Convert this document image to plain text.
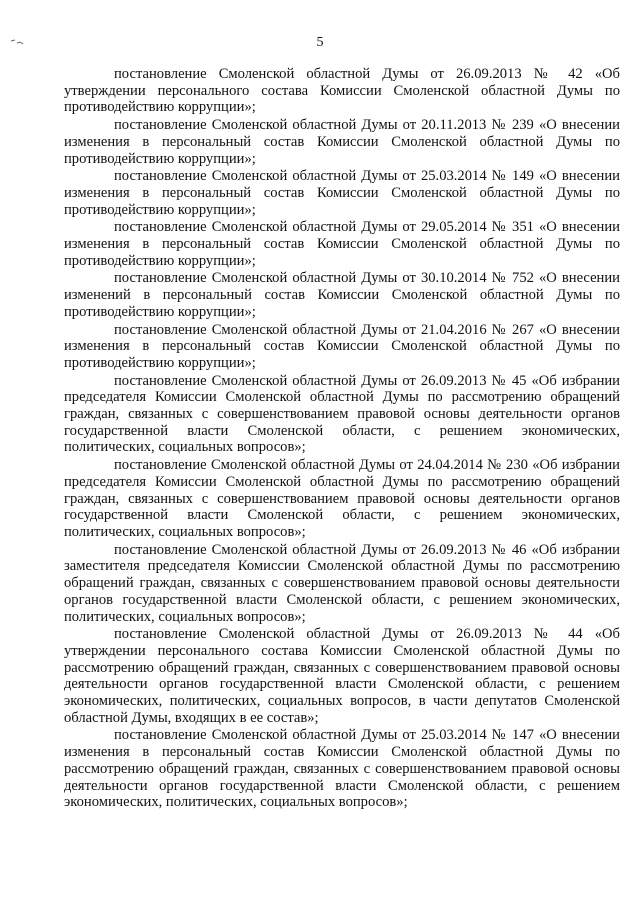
5

постановление Смоленской областной Думы от 26.09.2013 № 42 «Об утверждении персонального состава Комиссии Смоленской областной Думы по противодействию коррупции»;

постановление Смоленской областной Думы от 20.11.2013 № 239 «О внесении изменения в персональный состав Комиссии Смоленской областной Думы по противодействию коррупции»;

постановление Смоленской областной Думы от 25.03.2014 № 149 «О внесении изменения в персональный состав Комиссии Смоленской областной Думы по противодействию коррупции»;

постановление Смоленской областной Думы от 29.05.2014 № 351 «О внесении изменения в персональный состав Комиссии Смоленской областной Думы по противодействию коррупции»;

постановление Смоленской областной Думы от 30.10.2014 № 752 «О внесении изменений в персональный состав Комиссии Смоленской областной Думы по противодействию коррупции»;

постановление Смоленской областной Думы от 21.04.2016 № 267 «О внесении изменения в персональный состав Комиссии Смоленской областной Думы по противодействию коррупции»;

постановление Смоленской областной Думы от 26.09.2013 № 45 «Об избрании председателя Комиссии Смоленской областной Думы по рассмотрению обращений граждан, связанных с совершенствованием правовой основы деятельности органов государственной власти Смоленской области, с решением экономических, политических, социальных вопросов»;

постановление Смоленской областной Думы от 24.04.2014 № 230 «Об избрании председателя Комиссии Смоленской областной Думы по рассмотрению обращений граждан, связанных с совершенствованием правовой основы деятельности органов государственной власти Смоленской области, с решением экономических, политических, социальных вопросов»;

постановление Смоленской областной Думы от 26.09.2013 № 46 «Об избрании заместителя председателя Комиссии Смоленской областной Думы по рассмотрению обращений граждан, связанных с совершенствованием правовой основы деятельности органов государственной власти Смоленской области, с решением экономических, политических, социальных вопросов»;

постановление Смоленской областной Думы от 26.09.2013 № 44 «Об утверждении персонального состава Комиссии Смоленской областной Думы по рассмотрению обращений граждан, связанных с совершенствованием правовой основы деятельности органов государственной власти Смоленской области, с решением экономических, политических, социальных вопросов, в части депутатов Смоленской областной Думы, входящих в ее состав»;

постановление Смоленской областной Думы от 25.03.2014 № 147 «О внесении изменения в персональный состав Комиссии Смоленской областной Думы по рассмотрению обращений граждан, связанных с совершенствованием правовой основы деятельности органов государственной власти Смоленской области, с решением экономических, политических, социальных вопросов»;
